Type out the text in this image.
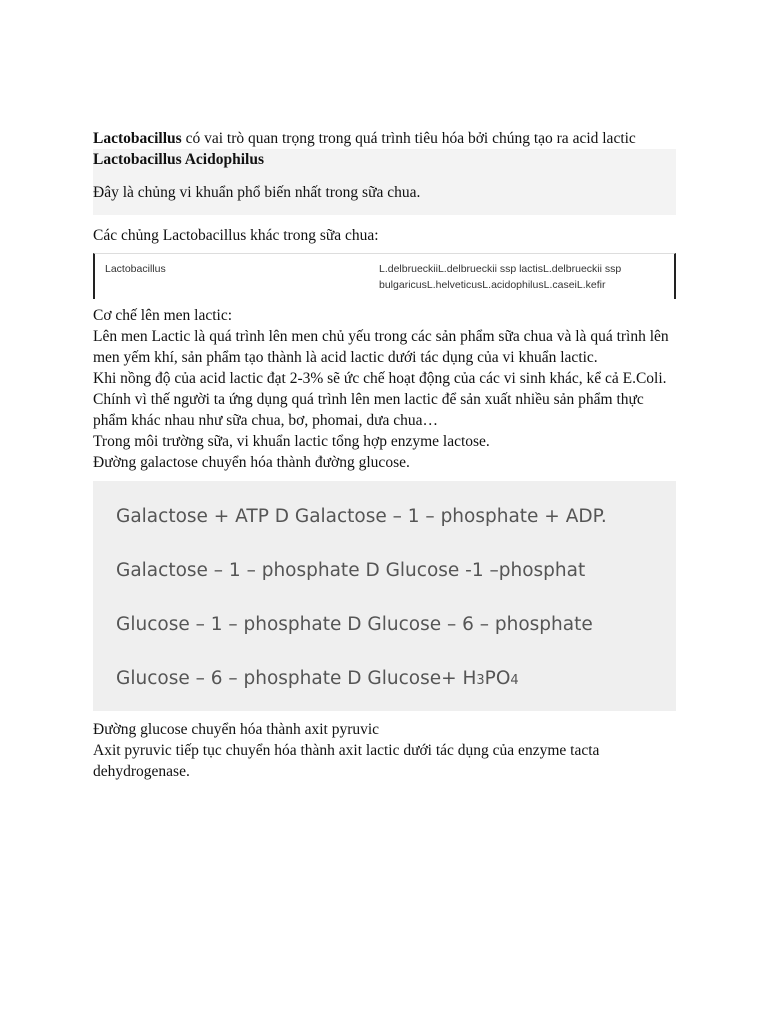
Lactobacillus có vai trò quan trọng trong quá trình tiêu hóa bởi chúng tạo ra acid lactic

Lactobacillus Acidophilus

Đây là chủng vi khuẩn phổ biến nhất trong sữa chua.

Các chủng Lactobacillus khác trong sữa chua:

Lactobacillus	L.delbrueckiiL.delbrueckii ssp lactisL.delbrueckii ssp bulgaricusL.helveticusL.acidophilusL.caseiL.kefir

Cơ chế lên men lactic:

Lên men Lactic là quá trình lên men chủ yếu trong các sản phẩm sữa chua và là quá trình lên men yếm khí, sản phẩm tạo thành là acid lactic dưới tác dụng của vi khuẩn lactic.

Khi nồng độ của acid lactic đạt 2-3% sẽ ức chế hoạt động của các vi sinh khác, kể cả E.Coli. Chính vì thế người ta ứng dụng quá trình lên men lactic để sản xuất nhiều sản phẩm thực phẩm khác nhau như sữa chua, bơ, phomai, dưa chua…

Trong môi trường sữa, vi khuẩn lactic tổng hợp enzyme lactose.

Đường galactose chuyển hóa thành đường glucose.

Galactose + ATP D Galactose – 1 – phosphate + ADP.
Galactose – 1 – phosphate D Glucose -1 –phosphat
Glucose – 1 – phosphate D Glucose – 6 – phosphate
Glucose – 6 – phosphate D Glucose+ H3PO4

Đường glucose chuyển hóa thành axit pyruvic

Axit pyruvic tiếp tục chuyển hóa thành axit lactic dưới tác dụng của enzyme tacta dehydrogenase.
